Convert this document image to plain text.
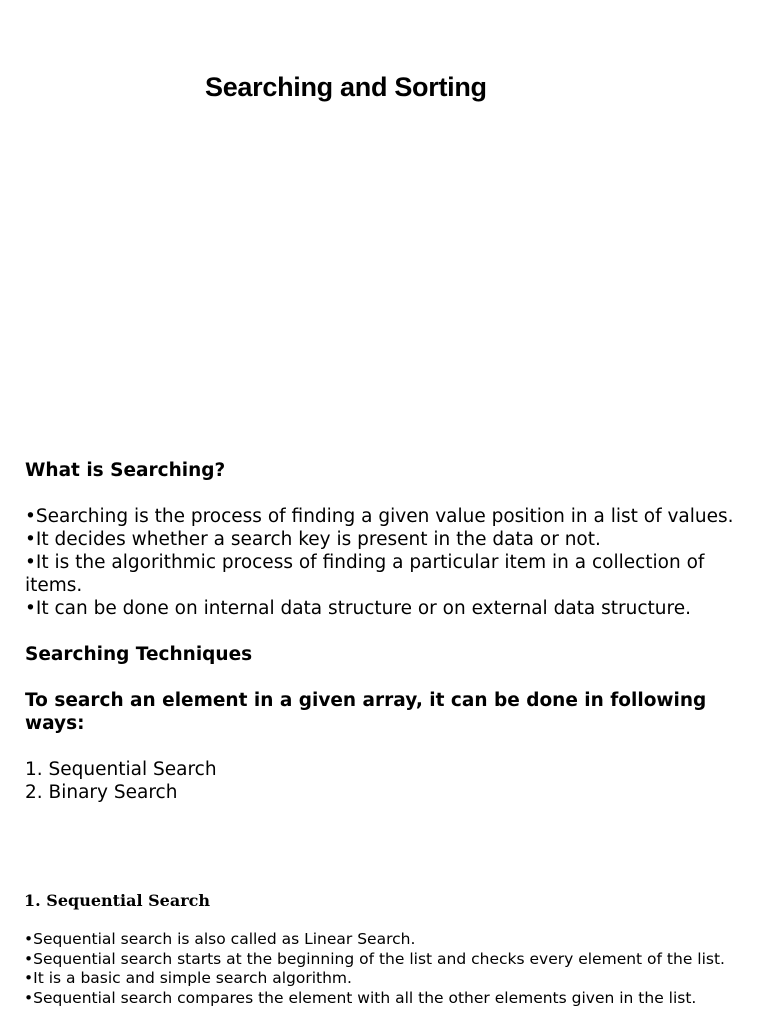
Searching and Sorting

What is Searching?

•Searching is the process of finding a given value position in a list of values.
•It decides whether a search key is present in the data or not.
•It is the algorithmic process of finding a particular item in a collection of items.
•It can be done on internal data structure or on external data structure.

Searching Techniques

To search an element in a given array, it can be done in following ways:

1. Sequential Search
2. Binary Search

1. Sequential Search

•Sequential search is also called as Linear Search.
•Sequential search starts at the beginning of the list and checks every element of the list.
•It is a basic and simple search algorithm.
•Sequential search compares the element with all the other elements given in the list.
